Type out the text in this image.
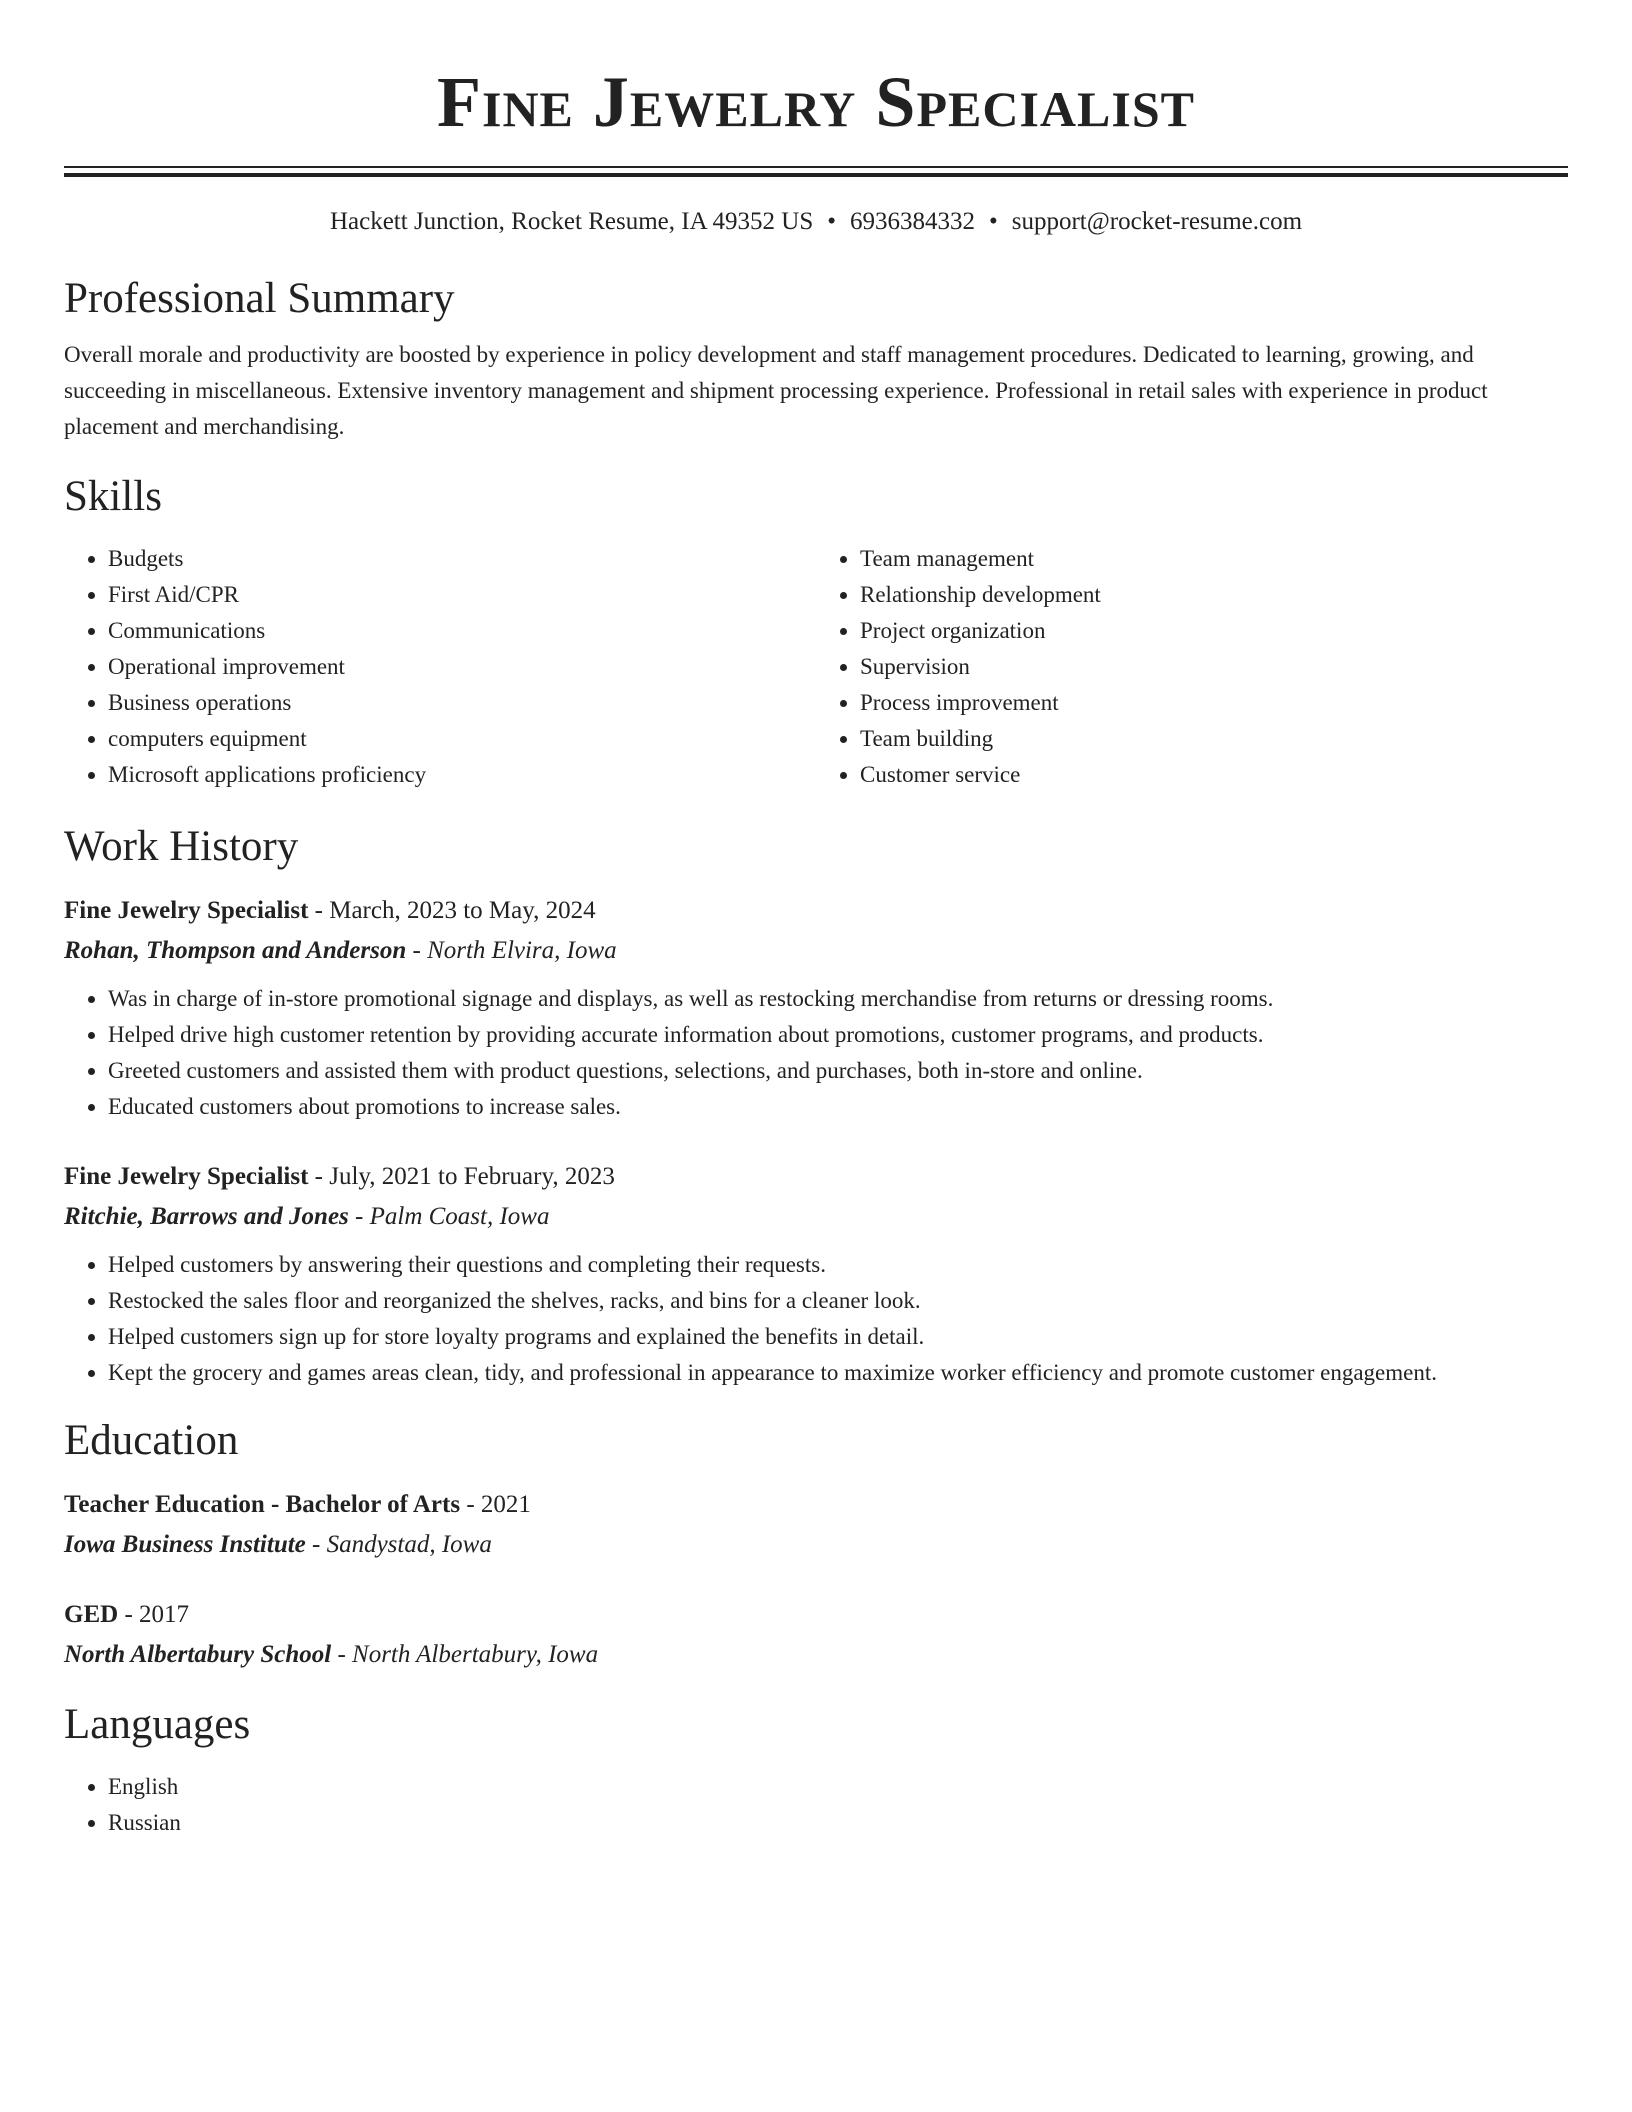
Fine Jewelry Specialist
Hackett Junction, Rocket Resume, IA 49352 US • 6936384332 • support@rocket-resume.com
Professional Summary
Overall morale and productivity are boosted by experience in policy development and staff management procedures. Dedicated to learning, growing, and succeeding in miscellaneous. Extensive inventory management and shipment processing experience. Professional in retail sales with experience in product placement and merchandising.
Skills
• Budgets
• First Aid/CPR
• Communications
• Operational improvement
• Business operations
• computers equipment
• Microsoft applications proficiency
• Team management
• Relationship development
• Project organization
• Supervision
• Process improvement
• Team building
• Customer service
Work History
Fine Jewelry Specialist - March, 2023 to May, 2024
Rohan, Thompson and Anderson - North Elvira, Iowa
• Was in charge of in-store promotional signage and displays, as well as restocking merchandise from returns or dressing rooms.
• Helped drive high customer retention by providing accurate information about promotions, customer programs, and products.
• Greeted customers and assisted them with product questions, selections, and purchases, both in-store and online.
• Educated customers about promotions to increase sales.
Fine Jewelry Specialist - July, 2021 to February, 2023
Ritchie, Barrows and Jones - Palm Coast, Iowa
• Helped customers by answering their questions and completing their requests.
• Restocked the sales floor and reorganized the shelves, racks, and bins for a cleaner look.
• Helped customers sign up for store loyalty programs and explained the benefits in detail.
• Kept the grocery and games areas clean, tidy, and professional in appearance to maximize worker efficiency and promote customer engagement.
Education
Teacher Education - Bachelor of Arts - 2021
Iowa Business Institute - Sandystad, Iowa
GED - 2017
North Albertabury School - North Albertabury, Iowa
Languages
• English
• Russian
